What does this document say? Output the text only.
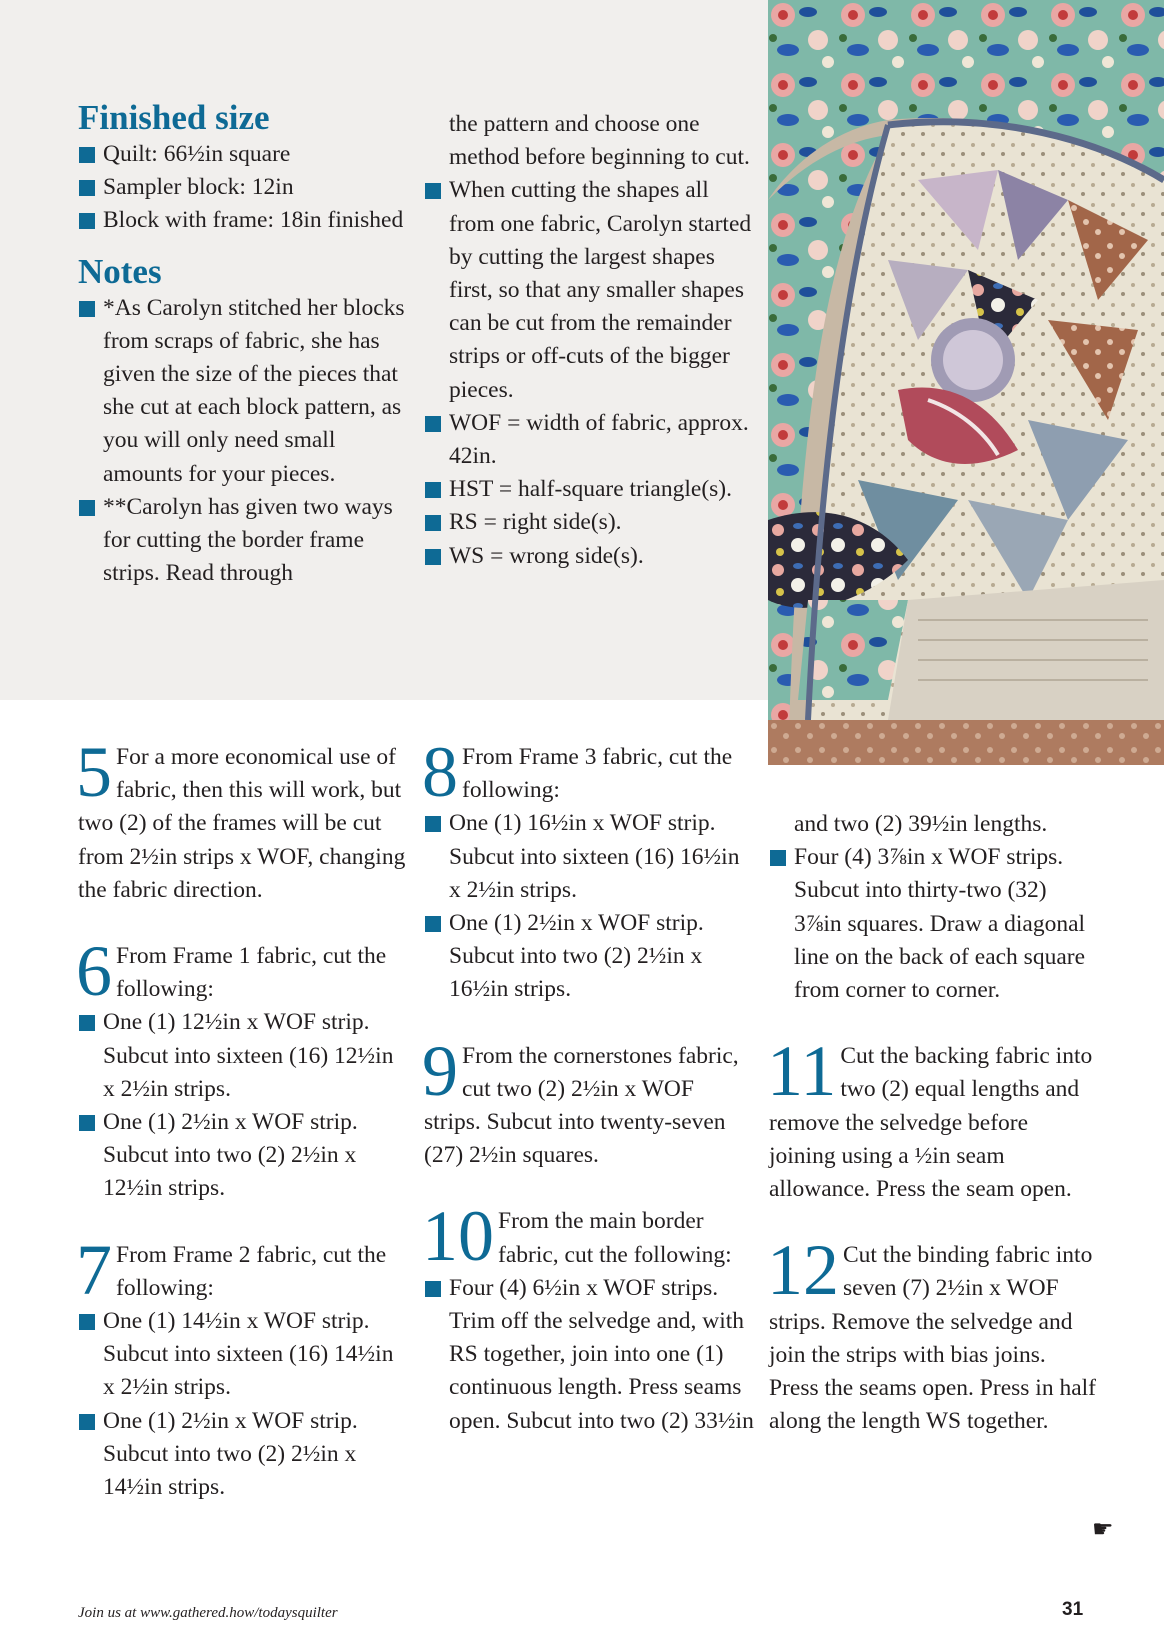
Finished size
Quilt: 66½in square
Sampler block: 12in
Block with frame: 18in finished
Notes
*As Carolyn stitched her blocks from scraps of fabric, she has given the size of the pieces that she cut at each block pattern, as you will only need small amounts for your pieces.
**Carolyn has given two ways for cutting the border frame strips. Read through
the pattern and choose one method before beginning to cut.
When cutting the shapes all from one fabric, Carolyn started by cutting the largest shapes first, so that any smaller shapes can be cut from the remainder strips or off-cuts of the bigger pieces.
WOF = width of fabric, approx. 42in.
HST = half-square triangle(s).
RS = right side(s).
WS = wrong side(s).
5 For a more economical use of fabric, then this will work, but two (2) of the frames will be cut from 2½in strips x WOF, changing the fabric direction.
6 From Frame 1 fabric, cut the following:
One (1) 12½in x WOF strip. Subcut into sixteen (16) 12½in x 2½in strips.
One (1) 2½in x WOF strip. Subcut into two (2) 2½in x 12½in strips.
7 From Frame 2 fabric, cut the following:
One (1) 14½in x WOF strip. Subcut into sixteen (16) 14½in x 2½in strips.
One (1) 2½in x WOF strip. Subcut into two (2) 2½in x 14½in strips.
8 From Frame 3 fabric, cut the following:
One (1) 16½in x WOF strip. Subcut into sixteen (16) 16½in x 2½in strips.
One (1) 2½in x WOF strip. Subcut into two (2) 2½in x 16½in strips.
9 From the cornerstones fabric, cut two (2) 2½in x WOF strips. Subcut into twenty-seven (27) 2½in squares.
10 From the main border fabric, cut the following:
Four (4) 6½in x WOF strips. Trim off the selvedge and, with RS together, join into one (1) continuous length. Press seams open. Subcut into two (2) 33½in
and two (2) 39½in lengths.
Four (4) 3⅞in x WOF strips. Subcut into thirty-two (32) 3⅞in squares. Draw a diagonal line on the back of each square from corner to corner.
11 Cut the backing fabric into two (2) equal lengths and remove the selvedge before joining using a ½in seam allowance. Press the seam open.
12 Cut the binding fabric into seven (7) 2½in x WOF strips. Remove the selvedge and join the strips with bias joins. Press the seams open. Press in half along the length WS together.
☛
Join us at www.gathered.how/todaysquilter	31
